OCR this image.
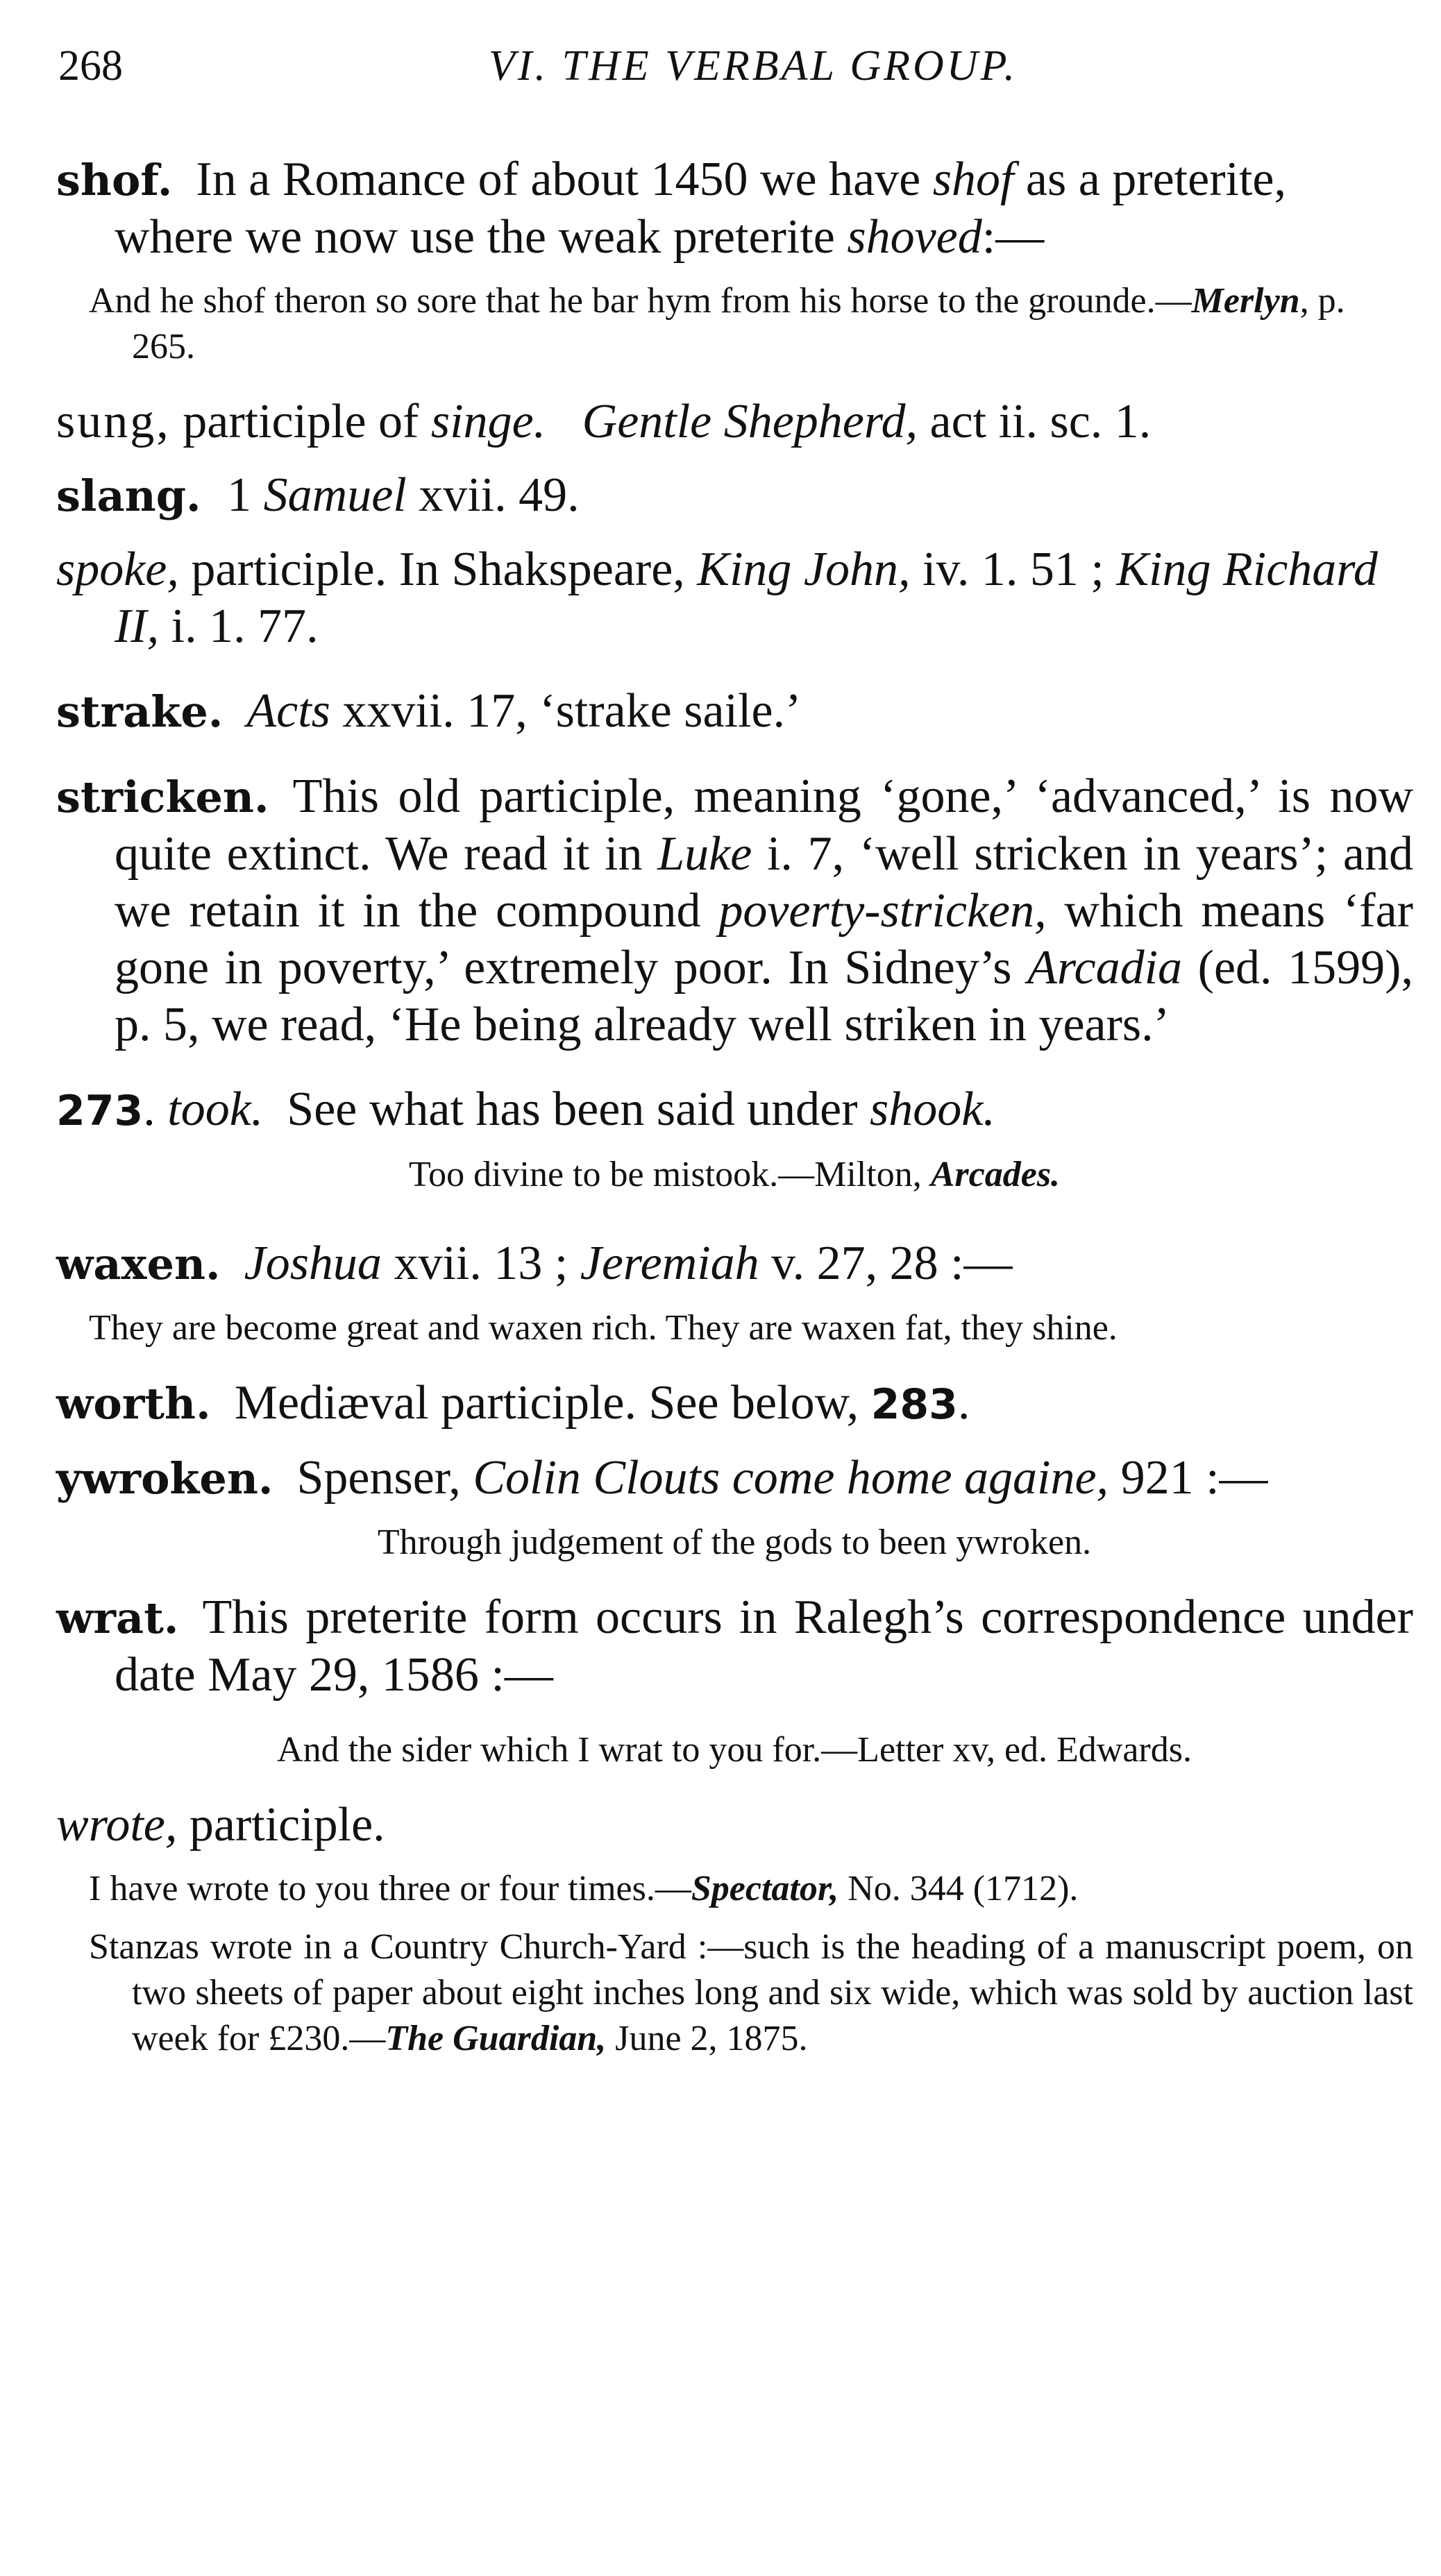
268	VI. THE VERBAL GROUP.

shof. In a Romance of about 1450 we have shof as a preterite, where we now use the weak preterite shoved:—

And he shof theron so sore that he bar hym from his horse to the grounde.—Merlyn, p. 265.

sung, participle of singe. Gentle Shepherd, act ii. sc. 1.

slang. 1 Samuel xvii. 49.

spoke, participle. In Shakspeare, King John, iv. 1. 51 ; King Richard II, i. 1. 77.

strake. Acts xxvii. 17, ‘strake saile.’

stricken. This old participle, meaning ‘gone,’ ‘advanced,’ is now quite extinct. We read it in Luke i. 7, ‘well stricken in years’; and we retain it in the compound poverty-stricken, which means ‘far gone in poverty,’ extremely poor. In Sidney’s Arcadia (ed. 1599), p. 5, we read, ‘He being already well striken in years.’

273. took. See what has been said under shook.

Too divine to be mistook.—Milton, Arcades.

waxen. Joshua xvii. 13 ; Jeremiah v. 27, 28 :—

They are become great and waxen rich. They are waxen fat, they shine.

worth. Mediæval participle. See below, 283.

ywroken. Spenser, Colin Clouts come home againe, 921 :—

Through judgement of the gods to been ywroken.

wrat. This preterite form occurs in Ralegh’s correspondence under date May 29, 1586 :—

And the sider which I wrat to you for.—Letter xv, ed. Edwards.

wrote, participle.

I have wrote to you three or four times.—Spectator, No. 344 (1712).

Stanzas wrote in a Country Church-Yard :—such is the heading of a manuscript poem, on two sheets of paper about eight inches long and six wide, which was sold by auction last week for £230.—The Guardian, June 2, 1875.
